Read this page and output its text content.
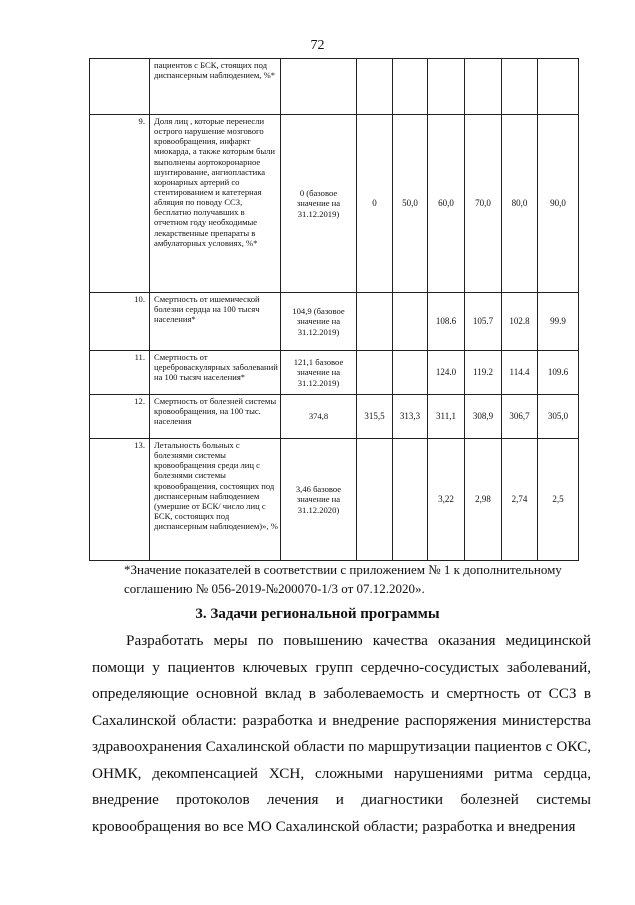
72
	пациентов с БСК, стоящих под диспансерным наблюдением, %*							
9.	Доля лиц , которые перенесли острого нарушение мозгового кровообращения, инфаркт миокарда, а также которым были выполнены аортокоронарное шунтирование, ангиопластика коронарных артерий со стентированием и катетерная абляция по поводу ССЗ, бесплатно получавших в отчетном году необходимые лекарственные препараты в амбулаторных условиях, %*	0 (базовое значение на 31.12.2019)	0	50,0	60,0	70,0	80,0	90,0
10.	Смертность от ишемической болезни сердца на 100 тысяч населения*	104,9 (базовое значение на 31.12.2019)			108.6	105.7	102.8	99.9
11.	Смертность от цереброваскулярных заболеваний на 100 тысяч населения*	121,1 базовое значение на 31.12.2019)			124.0	119.2	114.4	109.6
12.	Смертность от болезней системы кровообращения, на 100 тыс. населения	374,8	315,5	313,3	311,1	308,9	306,7	305,0
13.	Летальность больных с болезнями системы кровообращения среди лиц с болезнями системы кровообращения, состоящих под диспансерным наблюдением (умершие от БСК/ число лиц с БСК, состоящих под диспансерным наблюдением)», %	3,46 базовое значение на 31.12.2020)			3,22	2,98	2,74	2,5
*Значение показателей в соответствии с приложением № 1 к дополнительному соглашению № 056-2019-№200070-1/3 от 07.12.2020».
3. Задачи региональной программы
Разработать меры по повышению качества оказания медицинской помощи у пациентов ключевых групп сердечно-сосудистых заболеваний, определяющие основной вклад в заболеваемость и смертность от ССЗ в Сахалинской области: разработка и внедрение распоряжения министерства здравоохранения Сахалинской области по маршрутизации пациентов с ОКС, ОНМК, декомпенсацией ХСН, сложными нарушениями ритма сердца, внедрение протоколов лечения и диагностики болезней системы кровообращения во все МО Сахалинской области; разработка и внедрения
